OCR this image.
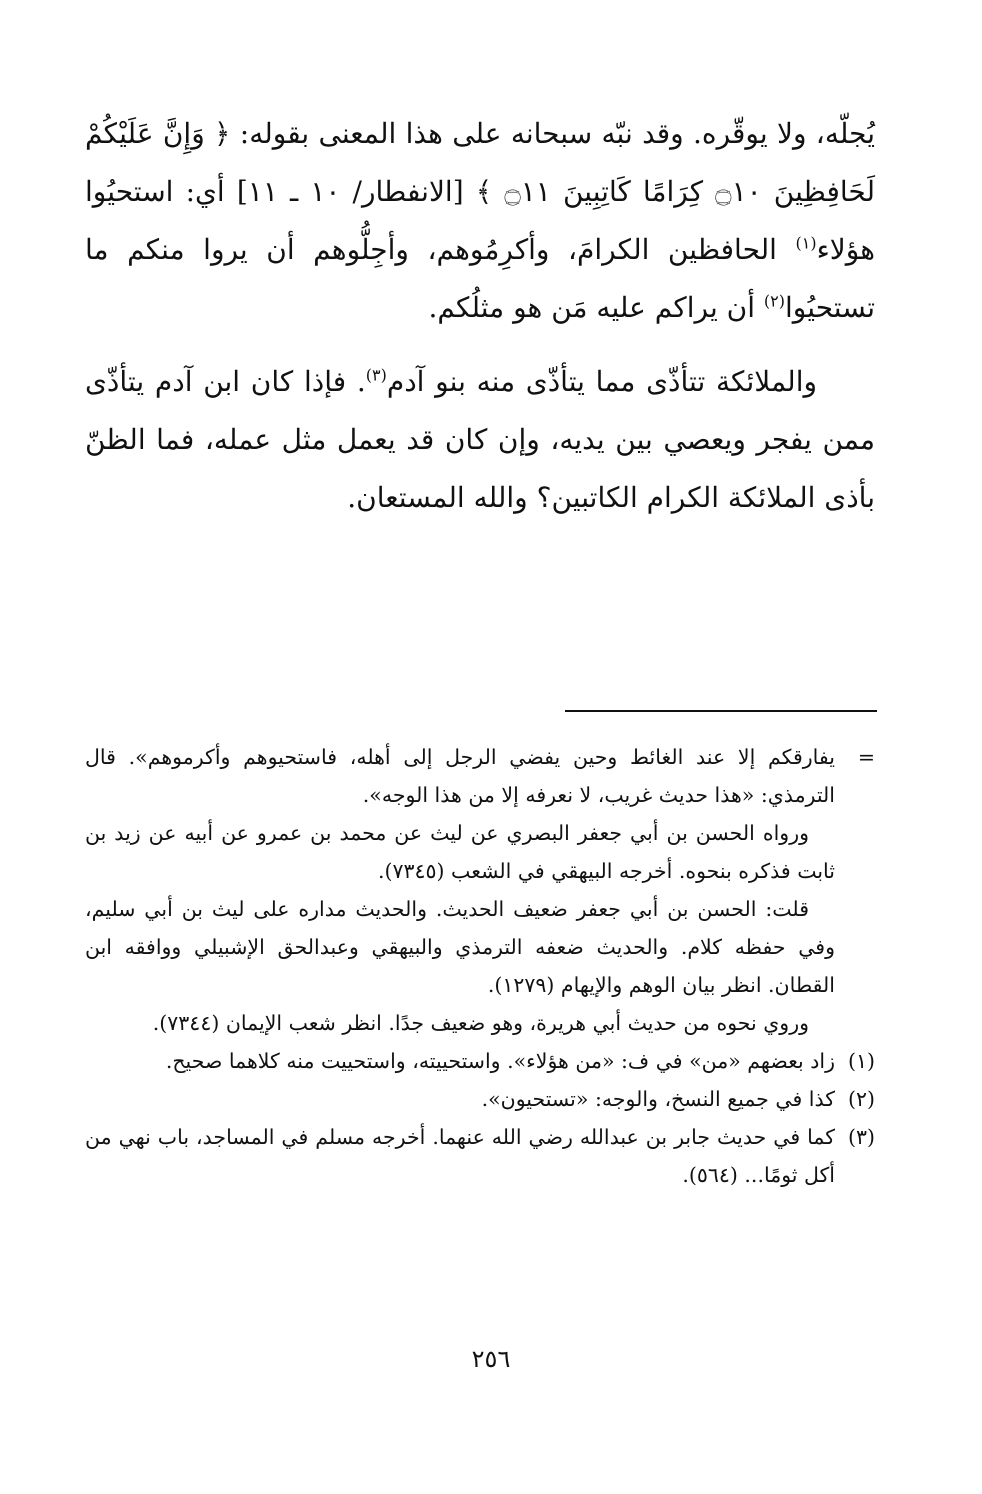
يُجلّه، ولا يوقّره. وقد نبّه سبحانه على هذا المعنى بقوله: ﴿ وَإِنَّ عَلَيْكُمْ لَحَافِظِينَ ۝١٠ كِرَامًا كَاتِبِينَ ۝١١ ﴾ [الانفطار/ ١٠ ـ ١١] أي: استحيُوا هؤلاء$^{(١)}$ الحافظين الكرامَ، وأكرِمُوهم، وأجِلُّوهم أن يروا منكم ما تستحيُوا$^{(٢)}$ أن يراكم عليه مَن هو مثلُكم.

والملائكة تتأذّى مما يتأذّى منه بنو آدم$^{(٣)}$. فإذا كان ابن آدم يتأذّى ممن يفجر ويعصي بين يديه، وإن كان قد يعمل مثل عمله، فما الظنّ بأذى الملائكة الكرام الكاتبين؟ والله المستعان.

=

يفارقكم إلا عند الغائط وحين يفضي الرجل إلى أهله، فاستحيوهم وأكرموهم». قال الترمذي: «هذا حديث غريب، لا نعرفه إلا من هذا الوجه».

ورواه الحسن بن أبي جعفر البصري عن ليث عن محمد بن عمرو عن أبيه عن زيد بن ثابت فذكره بنحوه. أخرجه البيهقي في الشعب (٧٣٤٥).

قلت: الحسن بن أبي جعفر ضعيف الحديث. والحديث مداره على ليث بن أبي سليم، وفي حفظه كلام. والحديث ضعفه الترمذي والبيهقي وعبدالحق الإشبيلي ووافقه ابن القطان. انظر بيان الوهم والإيهام (١٢٧٩).

وروي نحوه من حديث أبي هريرة، وهو ضعيف جدًا. انظر شعب الإيمان (٧٣٤٤).

(١)

زاد بعضهم «من» في ف: «من هؤلاء». واستحييته، واستحييت منه كلاهما صحيح.

(٢)

كذا في جميع النسخ، والوجه: «تستحيون».

(٣)

كما في حديث جابر بن عبدالله رضي الله عنهما. أخرجه مسلم في المساجد، باب نهي من أكل ثومًا... (٥٦٤).

٢٥٦
